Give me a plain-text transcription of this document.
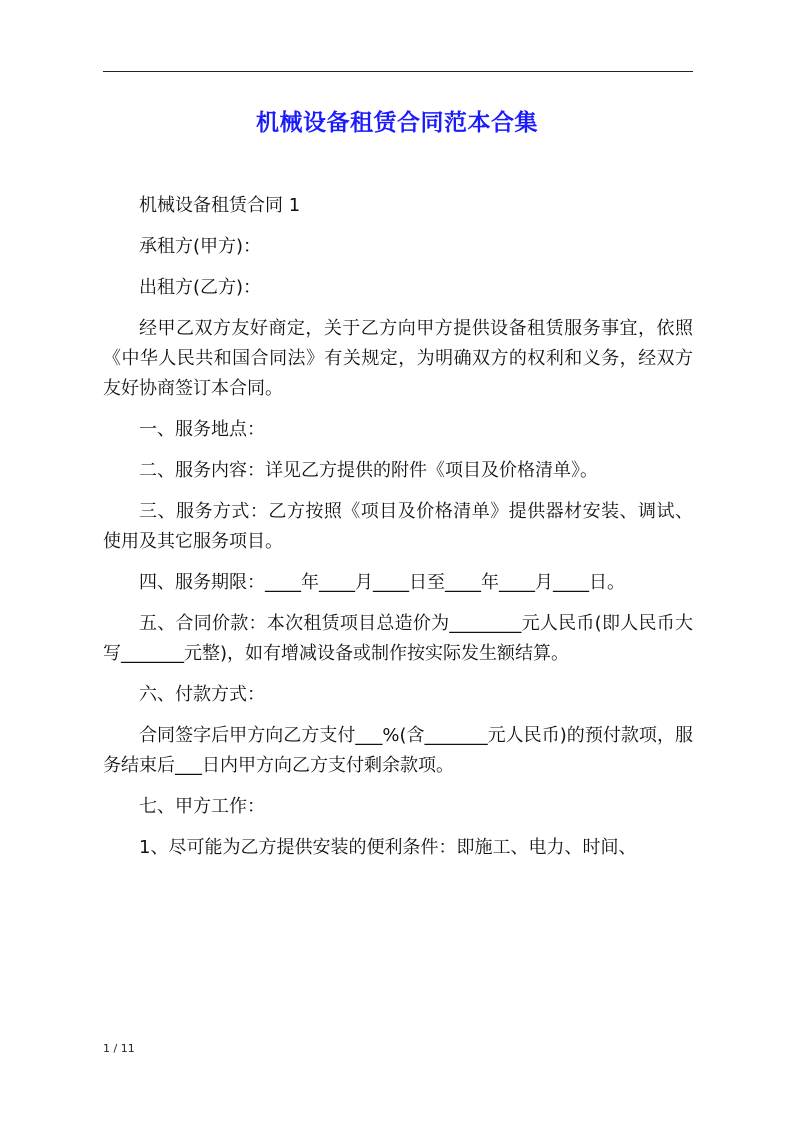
机械设备租赁合同范本合集

机械设备租赁合同 1

承租方(甲方)：

出租方(乙方)：

经甲乙双方友好商定，关于乙方向甲方提供设备租赁服务事宜，依照《中华人民共和国合同法》有关规定，为明确双方的权利和义务，经双方友好协商签订本合同。

一、服务地点：

二、服务内容：详见乙方提供的附件《项目及价格清单》。

三、服务方式：乙方按照《项目及价格清单》提供器材安装、调试、使用及其它服务项目。

四、服务期限：____年____月____日至____年____月____日。

五、合同价款：本次租赁项目总造价为________元人民币(即人民币大写_______元整)，如有增减设备或制作按实际发生额结算。

六、付款方式：

合同签字后甲方向乙方支付___%(含_______元人民币)的预付款项，服务结束后___日内甲方向乙方支付剩余款项。

七、甲方工作：

1、尽可能为乙方提供安装的便利条件：即施工、电力、时间、

1 / 11
